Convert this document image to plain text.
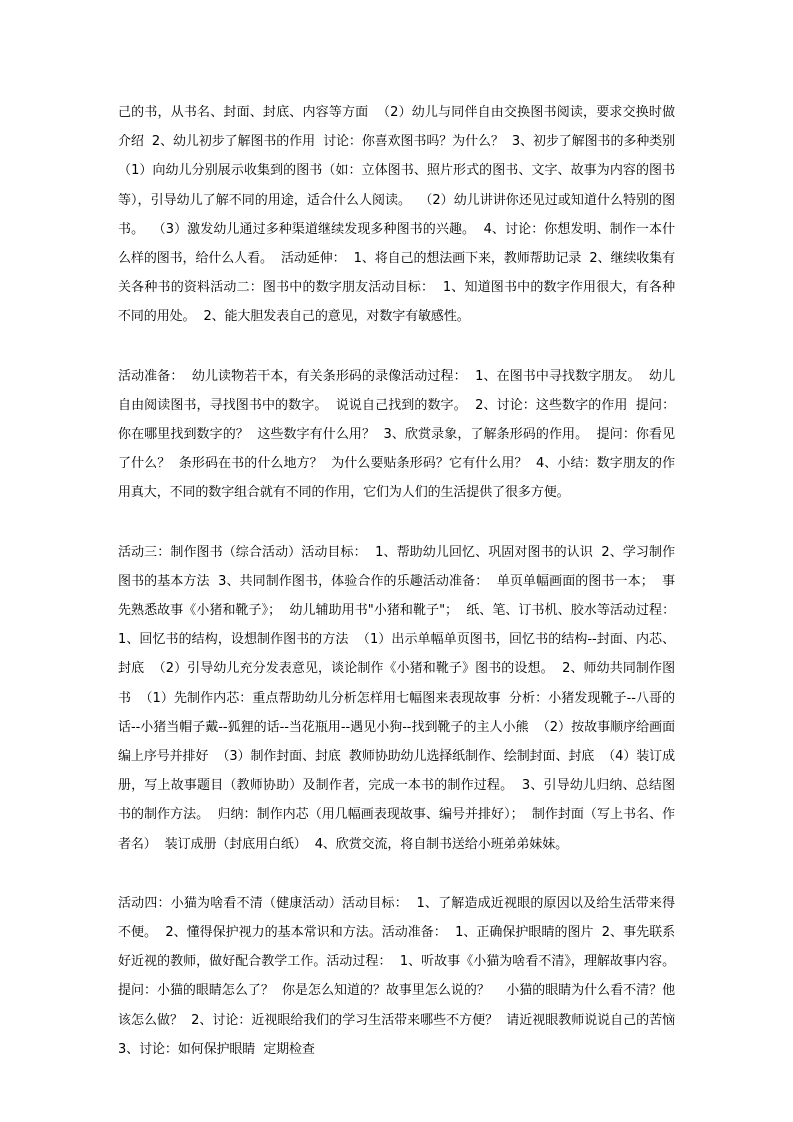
己的书，从书名、封面、封底、内容等方面  （2）幼儿与同伴自由交换图书阅读，要求交换时做介绍  2、幼儿初步了解图书的作用  讨论：你喜欢图书吗？为什么？  3、初步了解图书的多种类别  （1）向幼儿分别展示收集到的图书（如：立体图书、照片形式的图书、文字、故事为内容的图书等），引导幼儿了解不同的用途，适合什么人阅读。  （2）幼儿讲讲你还见过或知道什么特别的图书。  （3）激发幼儿通过多种渠道继续发现多种图书的兴趣。  4、讨论：你想发明、制作一本什么样的图书，给什么人看。  活动延伸：  1、将自己的想法画下来，教师帮助记录  2、继续收集有关各种书的资料活动二：图书中的数字朋友活动目标：  1、知道图书中的数字作用很大，有各种不同的用处。  2、能大胆发表自己的意见，对数字有敏感性。

活动准备：  幼儿读物若干本，有关条形码的录像活动过程：  1、在图书中寻找数字朋友。  幼儿自由阅读图书，寻找图书中的数字。  说说自己找到的数字。  2、讨论：这些数字的作用  提问：你在哪里找到数字的？  这些数字有什么用？  3、欣赏录象，了解条形码的作用。  提问：你看见了什么？  条形码在书的什么地方？  为什么要贴条形码？它有什么用？  4、小结：数字朋友的作用真大，不同的数字组合就有不同的作用，它们为人们的生活提供了很多方便。

活动三：制作图书（综合活动）活动目标：  1、帮助幼儿回忆、巩固对图书的认识  2、学习制作图书的基本方法  3、共同制作图书，体验合作的乐趣活动准备：  单页单幅画面的图书一本；  事先熟悉故事《小猪和靴子》；  幼儿辅助用书"小猪和靴子"；  纸、笔、订书机、胶水等活动过程：  1、回忆书的结构，设想制作图书的方法  （1）出示单幅单页图书，回忆书的结构--封面、内芯、封底  （2）引导幼儿充分发表意见，谈论制作《小猪和靴子》图书的设想。  2、师幼共同制作图书  （1）先制作内芯：重点帮助幼儿分析怎样用七幅图来表现故事  分析：小猪发现靴子--八哥的话--小猪当帽子戴--狐狸的话--当花瓶用--遇见小狗--找到靴子的主人小熊  （2）按故事顺序给画面编上序号并排好  （3）制作封面、封底  教师协助幼儿选择纸制作、绘制封面、封底  （4）装订成册，写上故事题目（教师协助）及制作者，完成一本书的制作过程。  3、引导幼儿归纳、总结图书的制作方法。  归纳：制作内芯（用几幅画表现故事、编号并排好）；  制作封面（写上书名、作者名）  装订成册（封底用白纸）  4、欣赏交流，将自制书送给小班弟弟妹妹。

活动四：小猫为啥看不清（健康活动）活动目标：  1、了解造成近视眼的原因以及给生活带来得不便。  2、懂得保护视力的基本常识和方法。活动准备：  1、正确保护眼睛的图片  2、事先联系好近视的教师，做好配合教学工作。活动过程：  1、听故事《小猫为啥看不清》，理解故事内容。  提问：小猫的眼睛怎么了？  你是怎么知道的？故事里怎么说的？    小猫的眼睛为什么看不清？他该怎么做？  2、讨论：近视眼给我们的学习生活带来哪些不方便？  请近视眼教师说说自己的苦恼  3、讨论：如何保护眼睛  定期检查
